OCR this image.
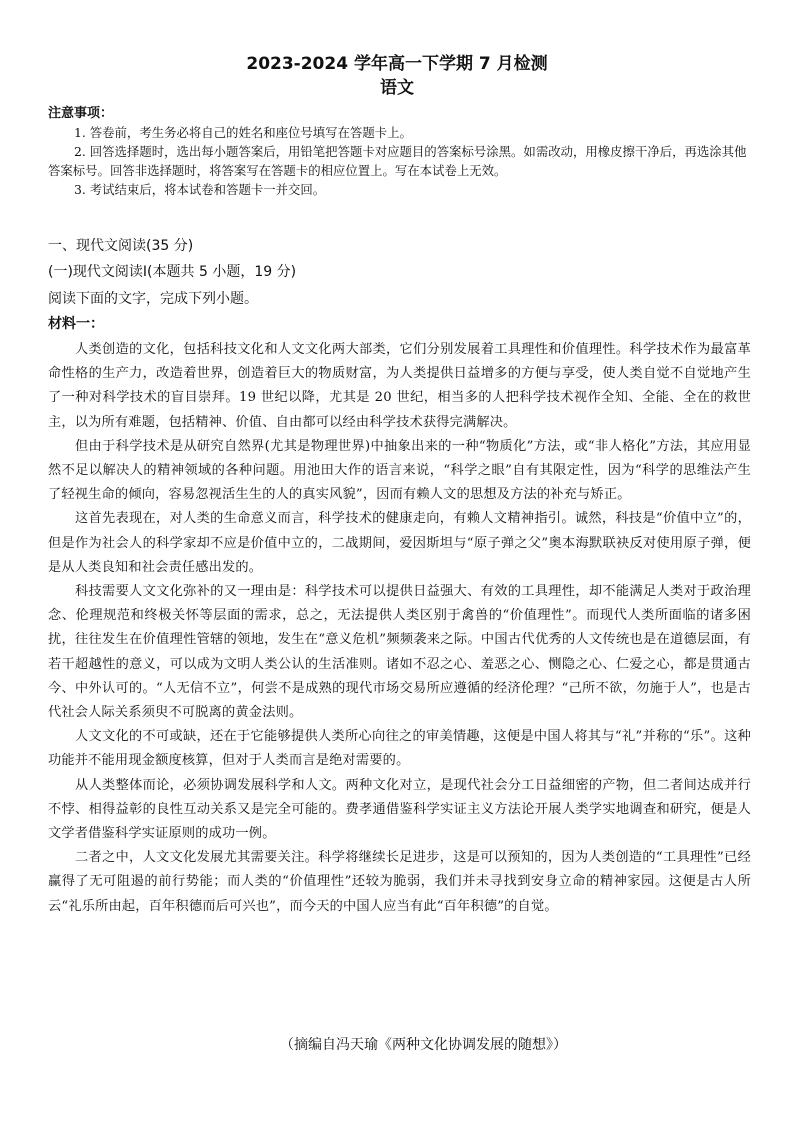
2023-2024 学年高一下学期 7 月检测
语文
注意事项：
1. 答卷前，考生务必将自己的姓名和座位号填写在答题卡上。
2. 回答选择题时，选出每小题答案后，用铅笔把答题卡对应题目的答案标号涂黑。如需改动，用橡皮擦干净后，再选涂其他答案标号。回答非选择题时，将答案写在答题卡的相应位置上。写在本试卷上无效。
3. 考试结束后，将本试卷和答题卡一并交回。
一、现代文阅读(35 分)
(一)现代文阅读Ⅰ(本题共 5 小题，19 分)
阅读下面的文字，完成下列小题。
材料一：

人类创造的文化，包括科技文化和人文文化两大部类，它们分别发展着工具理性和价值理性。科学技术作为最富革命性格的生产力，改造着世界，创造着巨大的物质财富，为人类提供日益增多的方便与享受，使人类自觉不自觉地产生了一种对科学技术的盲目崇拜。19 世纪以降，尤其是 20 世纪，相当多的人把科学技术视作全知、全能、全在的救世主，以为所有难题，包括精神、价值、自由都可以经由科学技术获得完满解决。

但由于科学技术是从研究自然界(尤其是物理世界)中抽象出来的一种“物质化”方法，或“非人格化”方法，其应用显然不足以解决人的精神领域的各种问题。用池田大作的语言来说，“科学之眼”自有其限定性，因为“科学的思维法产生了轻视生命的倾向，容易忽视活生生的人的真实风貌”，因而有赖人文的思想及方法的补充与矫正。

这首先表现在，对人类的生命意义而言，科学技术的健康走向，有赖人文精神指引。诚然，科技是“价值中立”的，但是作为社会人的科学家却不应是价值中立的，二战期间，爱因斯坦与“原子弹之父”奥本海默联袂反对使用原子弹，便是从人类良知和社会责任感出发的。

科技需要人文文化弥补的又一理由是：科学技术可以提供日益强大、有效的工具理性，却不能满足人类对于政治理念、伦理规范和终极关怀等层面的需求，总之，无法提供人类区别于禽兽的“价值理性”。而现代人类所面临的诸多困扰，往往发生在价值理性管辖的领地，发生在“意义危机”频频袭来之际。中国古代优秀的人文传统也是在道德层面，有若干超越性的意义，可以成为文明人类公认的生活准则。诸如不忍之心、羞恶之心、恻隐之心、仁爱之心，都是贯通古今、中外认可的。“人无信不立”，何尝不是成熟的现代市场交易所应遵循的经济伦理？“己所不欲，勿施于人”，也是古代社会人际关系须臾不可脱离的黄金法则。

人文文化的不可或缺，还在于它能够提供人类所心向往之的审美情趣，这便是中国人将其与“礼”并称的“乐”。这种功能并不能用现金额度核算，但对于人类而言是绝对需要的。

从人类整体而论，必须协调发展科学和人文。两种文化对立，是现代社会分工日益细密的产物，但二者间达成并行不悖、相得益彰的良性互动关系又是完全可能的。费孝通借鉴科学实证主义方法论开展人类学实地调查和研究，便是人文学者借鉴科学实证原则的成功一例。

二者之中，人文文化发展尤其需要关注。科学将继续长足进步，这是可以预知的，因为人类创造的“工具理性”已经赢得了无可阻遏的前行势能；而人类的“价值理性”还较为脆弱，我们并未寻找到安身立命的精神家园。这便是古人所云“礼乐所由起，百年积德而后可兴也”，而今天的中国人应当有此“百年积德”的自觉。

（摘编自冯天瑜《两种文化协调发展的随想》）
